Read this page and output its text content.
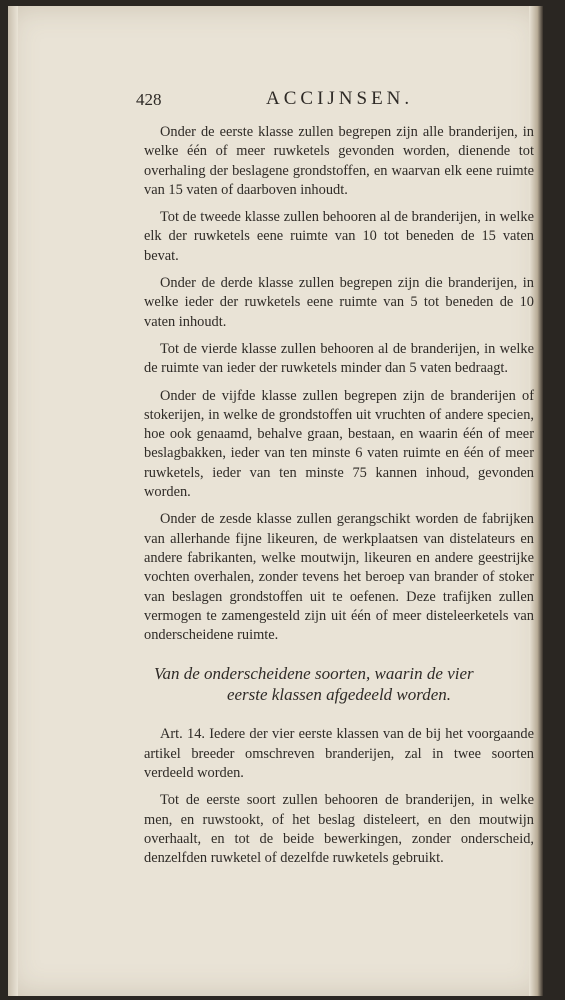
428	ACCIJNSEN.

Onder de eerste klasse zullen begrepen zijn alle branderijen, in welke één of meer ruwketels gevonden worden, dienende tot overhaling der beslagene grondstoffen, en waarvan elk eene ruimte van 15 vaten of daarboven inhoudt.

Tot de tweede klasse zullen behooren al de branderijen, in welke elk der ruwketels eene ruimte van 10 tot beneden de 15 vaten bevat.

Onder de derde klasse zullen begrepen zijn die branderijen, in welke ieder der ruwketels eene ruimte van 5 tot beneden de 10 vaten inhoudt.

Tot de vierde klasse zullen behooren al de branderijen, in welke de ruimte van ieder der ruwketels minder dan 5 vaten bedraagt.

Onder de vijfde klasse zullen begrepen zijn de branderijen of stokerijen, in welke de grondstoffen uit vruchten of andere specien, hoe ook genaamd, behalve graan, bestaan, en waarin één of meer beslagbakken, ieder van ten minste 6 vaten ruimte en één of meer ruwketels, ieder van ten minste 75 kannen inhoud, gevonden worden.

Onder de zesde klasse zullen gerangschikt worden de fabrijken van allerhande fijne likeuren, de werkplaatsen van distelateurs en andere fabrikanten, welke moutwijn, likeuren en andere geestrijke vochten overhalen, zonder tevens het beroep van brander of stoker van beslagen grondstoffen uit te oefenen. Deze trafijken zullen vermogen te zamengesteld zijn uit één of meer disteleerketels van onderscheidene ruimte.

Van de onderscheidene soorten, waarin de vier
eerste klassen afgedeeld worden.

Art. 14. Iedere der vier eerste klassen van de bij het voorgaande artikel breeder omschreven branderijen, zal in twee soorten verdeeld worden.

Tot de eerste soort zullen behooren de branderijen, in welke men, en ruwstookt, of het beslag disteleert, en den moutwijn overhaalt, en tot de beide bewerkingen, zonder onderscheid, denzelfden ruwketel of dezelfde ruwketels gebruikt.
